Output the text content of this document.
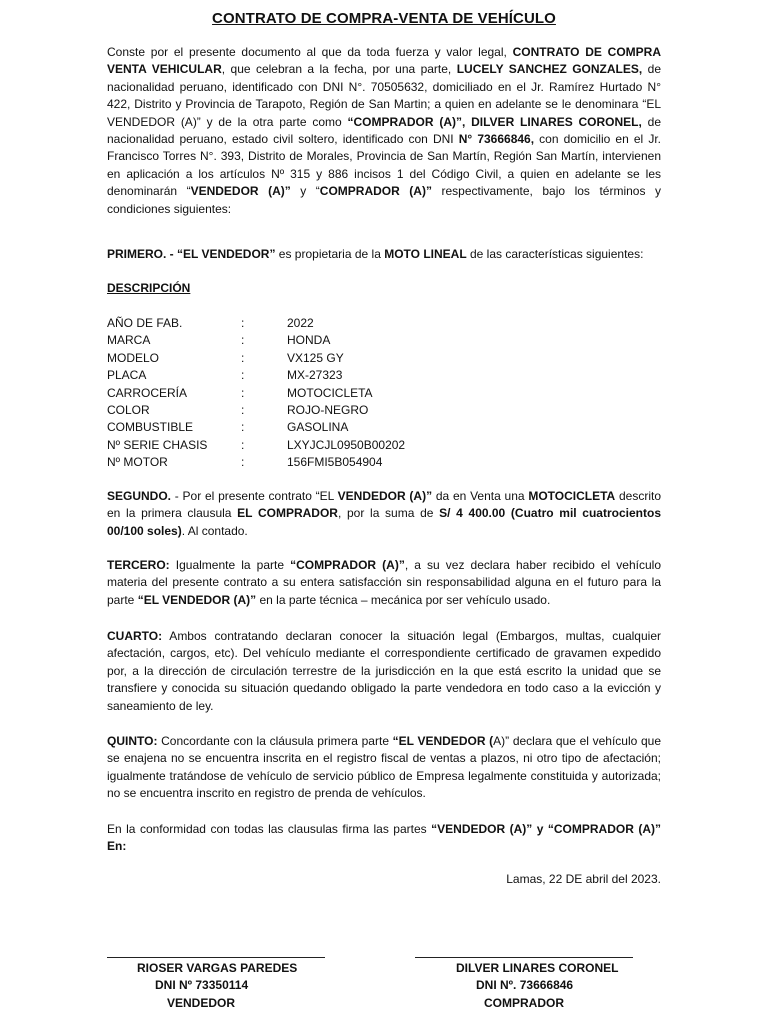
CONTRATO DE COMPRA-VENTA DE VEHÍCULO

Conste por el presente documento al que da toda fuerza y valor legal, CONTRATO DE COMPRA VENTA VEHICULAR, que celebran a la fecha, por una parte, LUCELY SANCHEZ GONZALES, de nacionalidad peruano, identificado con DNI N°. 70505632, domiciliado en el Jr. Ramírez Hurtado N° 422, Distrito y Provincia de Tarapoto, Región de San Martin; a quien en adelante se le denominara “EL VENDEDOR (A)” y de la otra parte como “COMPRADOR (A)”, DILVER LINARES CORONEL, de nacionalidad peruano, estado civil soltero, identificado con DNI N° 73666846, con domicilio en el Jr. Francisco Torres N°. 393, Distrito de Morales, Provincia de San Martín, Región San Martín, intervienen en aplicación a los artículos Nº 315 y 886 incisos 1 del Código Civil, a quien en adelante se les denominarán “VENDEDOR (A)” y “COMPRADOR (A)” respectivamente, bajo los términos y condiciones siguientes:

PRIMERO. - “EL VENDEDOR” es propietaria de la MOTO LINEAL de las características siguientes:

DESCRIPCIÓN
AÑO DE FAB.	:	2022
MARCA	:	HONDA
MODELO	:	VX125 GY
PLACA	:	MX-27323
CARROCERÍA	:	MOTOCICLETA
COLOR	:	ROJO-NEGRO
COMBUSTIBLE	:	GASOLINA
Nº SERIE CHASIS	:	LXYJCJL0950B00202
Nº MOTOR	:	156FMI5B054904

SEGUNDO. - Por el presente contrato “EL VENDEDOR (A)” da en Venta una MOTOCICLETA descrito en la primera clausula EL COMPRADOR, por la suma de S/ 4 400.00 (Cuatro mil cuatrocientos 00/100 soles). Al contado.

TERCERO: Igualmente la parte “COMPRADOR (A)”, a su vez declara haber recibido el vehículo materia del presente contrato a su entera satisfacción sin responsabilidad alguna en el futuro para la parte “EL VENDEDOR (A)” en la parte técnica – mecánica por ser vehículo usado.

CUARTO: Ambos contratando declaran conocer la situación legal (Embargos, multas, cualquier afectación, cargos, etc). Del vehículo mediante el correspondiente certificado de gravamen expedido por, a la dirección de circulación terrestre de la jurisdicción en la que está escrito la unidad que se transfiere y conocida su situación quedando obligado la parte vendedora en todo caso a la evicción y saneamiento de ley.

QUINTO: Concordante con la cláusula primera parte “EL VENDEDOR (A)” declara que el vehículo que se enajena no se encuentra inscrita en el registro fiscal de ventas a plazos, ni otro tipo de afectación; igualmente tratándose de vehículo de servicio público de Empresa legalmente constituida y autorizada; no se encuentra inscrito en registro de prenda de vehículos.

En la conformidad con todas las clausulas firma las partes “VENDEDOR (A)” y “COMPRADOR (A)” En:

Lamas, 22 DE abril del 2023.
RIOSER VARGAS PAREDES
DNI Nº 73350114
VENDEDOR
DILVER LINARES CORONEL
DNI Nº. 73666846
COMPRADOR
